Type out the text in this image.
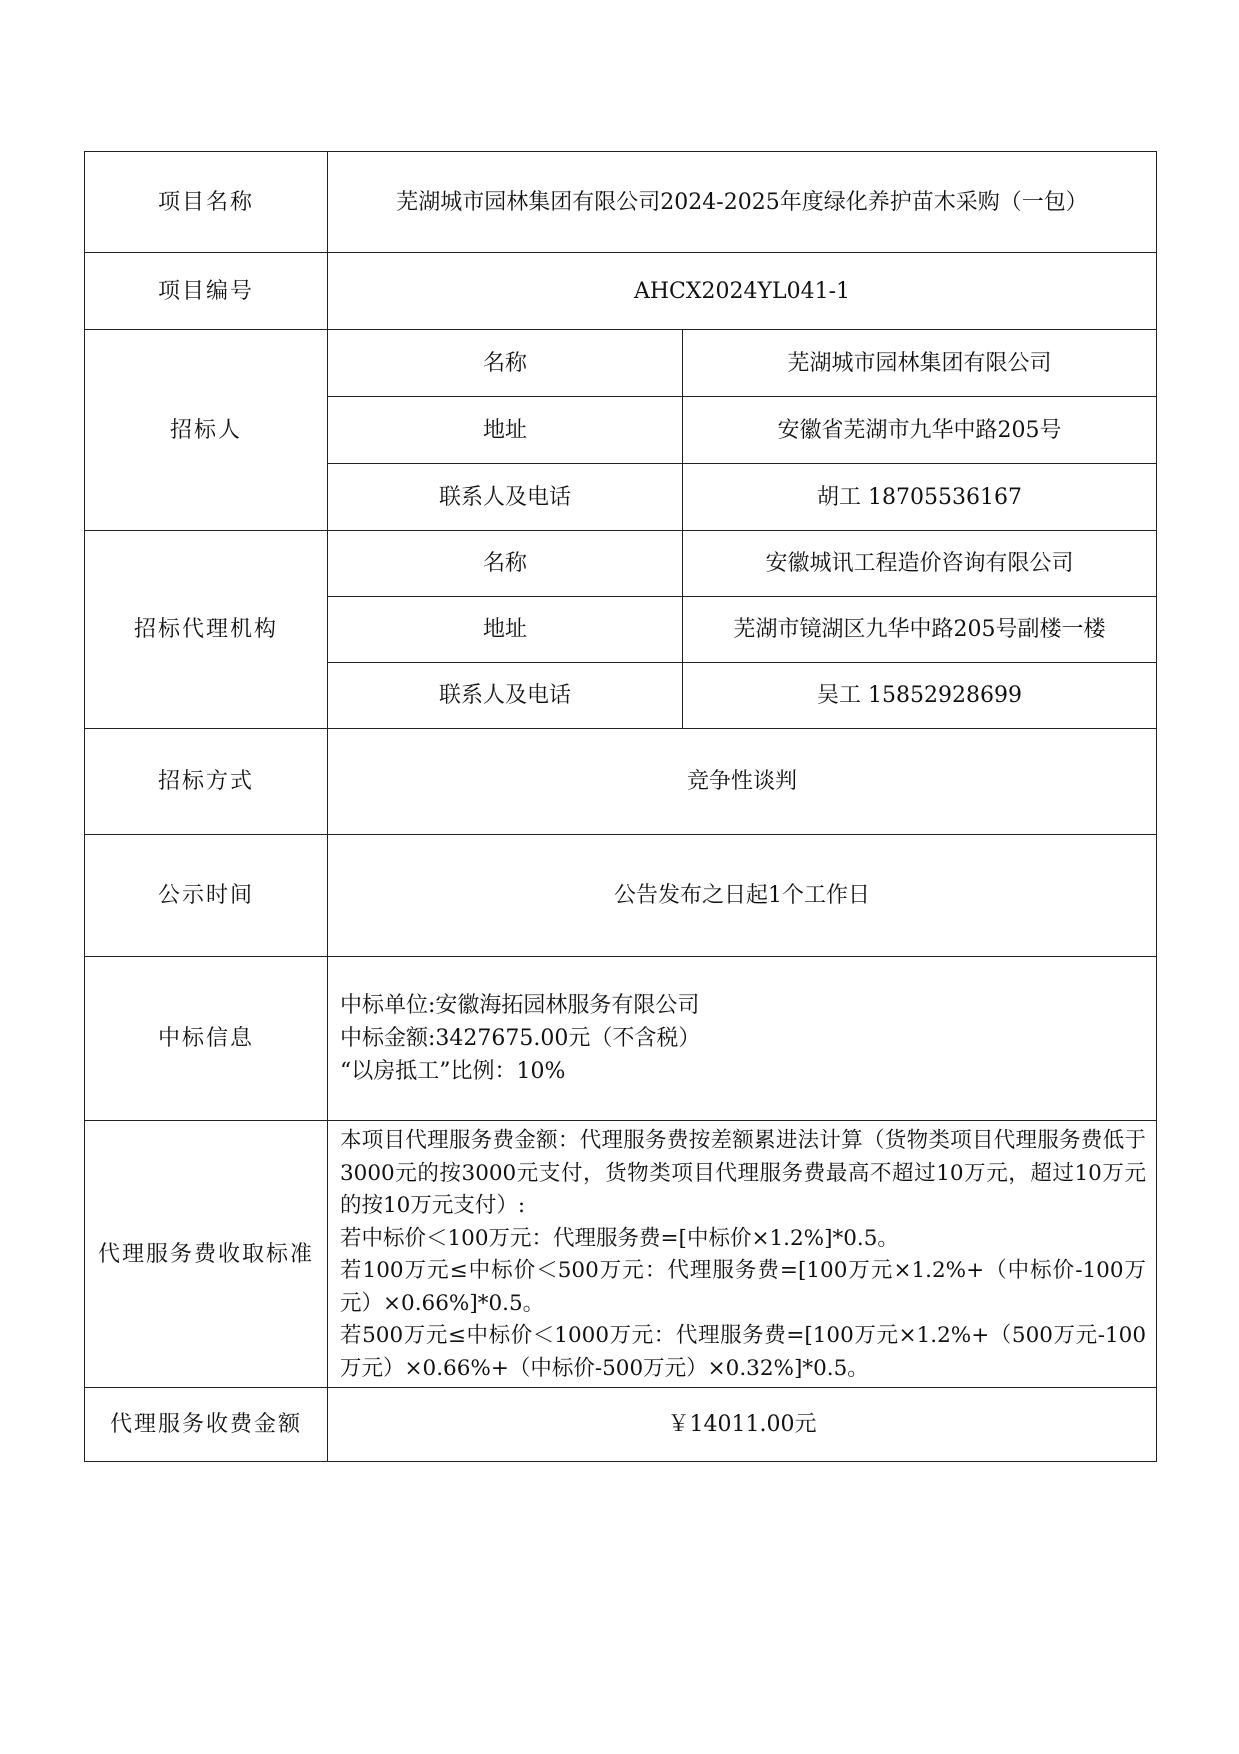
项目名称	芜湖城市园林集团有限公司2024-2025年度绿化养护苗木采购（一包）	
项目编号	AHCX2024YL041-1	
招标人	名称	芜湖城市园林集团有限公司
	地址	安徽省芜湖市九华中路205号
	联系人及电话	胡工 18705536167
招标代理机构	名称	安徽城讯工程造价咨询有限公司
	地址	芜湖市镜湖区九华中路205号副楼一楼
	联系人及电话	吴工 15852928699
招标方式	竞争性谈判	
公示时间	公告发布之日起1个工作日	
中标信息	中标单位:安徽海拓园林服务有限公司
中标金额:3427675.00元（不含税）
“以房抵工”比例：10%	

代理服务费收取标准	本项目代理服务费金额：代理服务费按差额累进法计算（货物类项目代理服务费低于3000元的按3000元支付，货物类项目代理服务费最高不超过10万元，超过10万元的按10万元支付）:
若中标价＜100万元：代理服务费=[中标价×1.2%]*0.5。
若100万元≤中标价＜500万元：代理服务费=[100万元×1.2%+（中标价-100万元）×0.66%]*0.5。
若500万元≤中标价＜1000万元：代理服务费=[100万元×1.2%+（500万元-100万元）×0.66%+（中标价-500万元）×0.32%]*0.5。	

代理服务收费金额	￥14011.00元	
